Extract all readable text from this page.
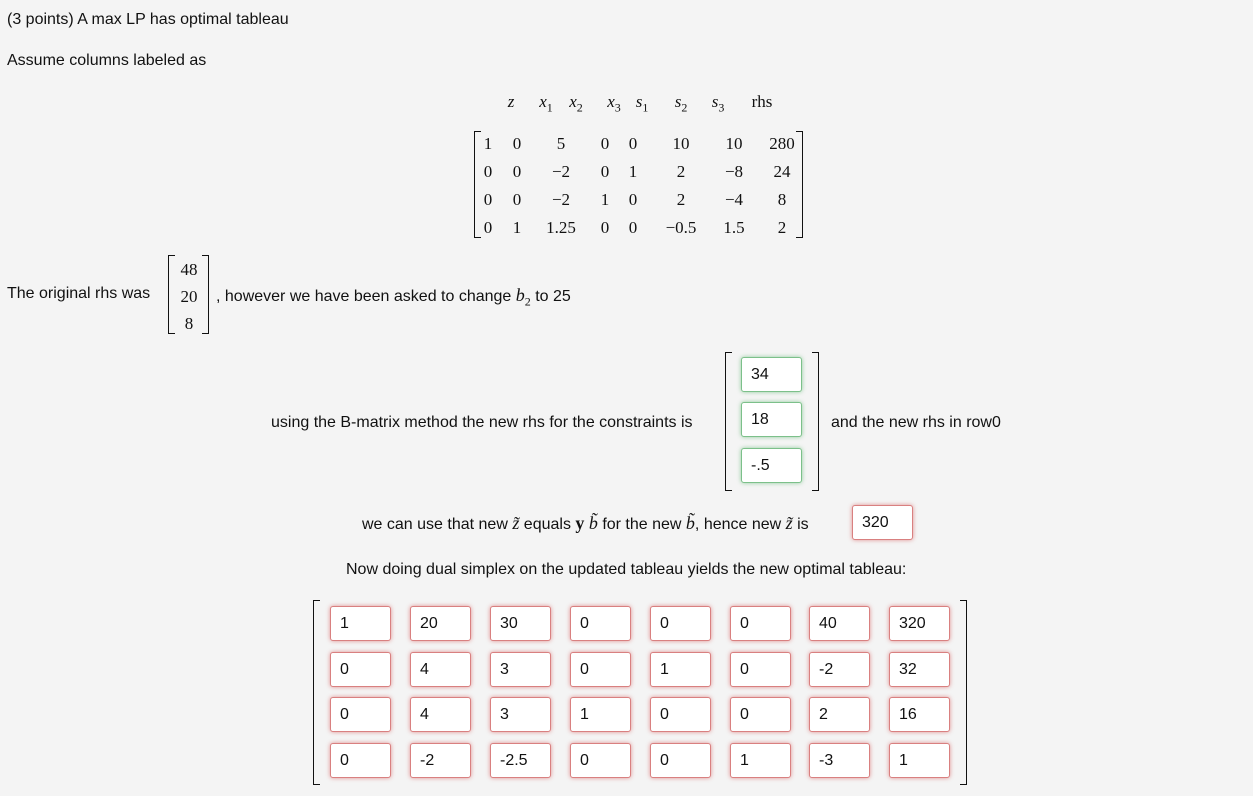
(3 points) A max LP has optimal tableau
Assume columns labeled as
z $x_1$ $x_2$ $x_3$ $s_1$ $s_2$ $s_3$ rhs
1 0 5 0 0 10 10 280
0 0 −2 0 1 2 −8 24
0 0 −2 1 0 2 −4 8
0 1 1.25 0 0 −0.5 1.5 2
The original rhs was
48
20
8
, however we have been asked to change $b_2$ to 25
using the B-matrix method the new rhs for the constraints is
34
18
-.5	and the new rhs in row0
we can use that new z̃ equals y b̃ for the new b̃, hence new z̃ is
320
Now doing dual simplex on the updated tableau yields the new optimal tableau:
1
20
30
0
0
0
40
320
0
4
3
0
1
0
-2
32
0
4
3
1
0
0
2
16
0
-2
-2.5
0
0
1
-3
1
